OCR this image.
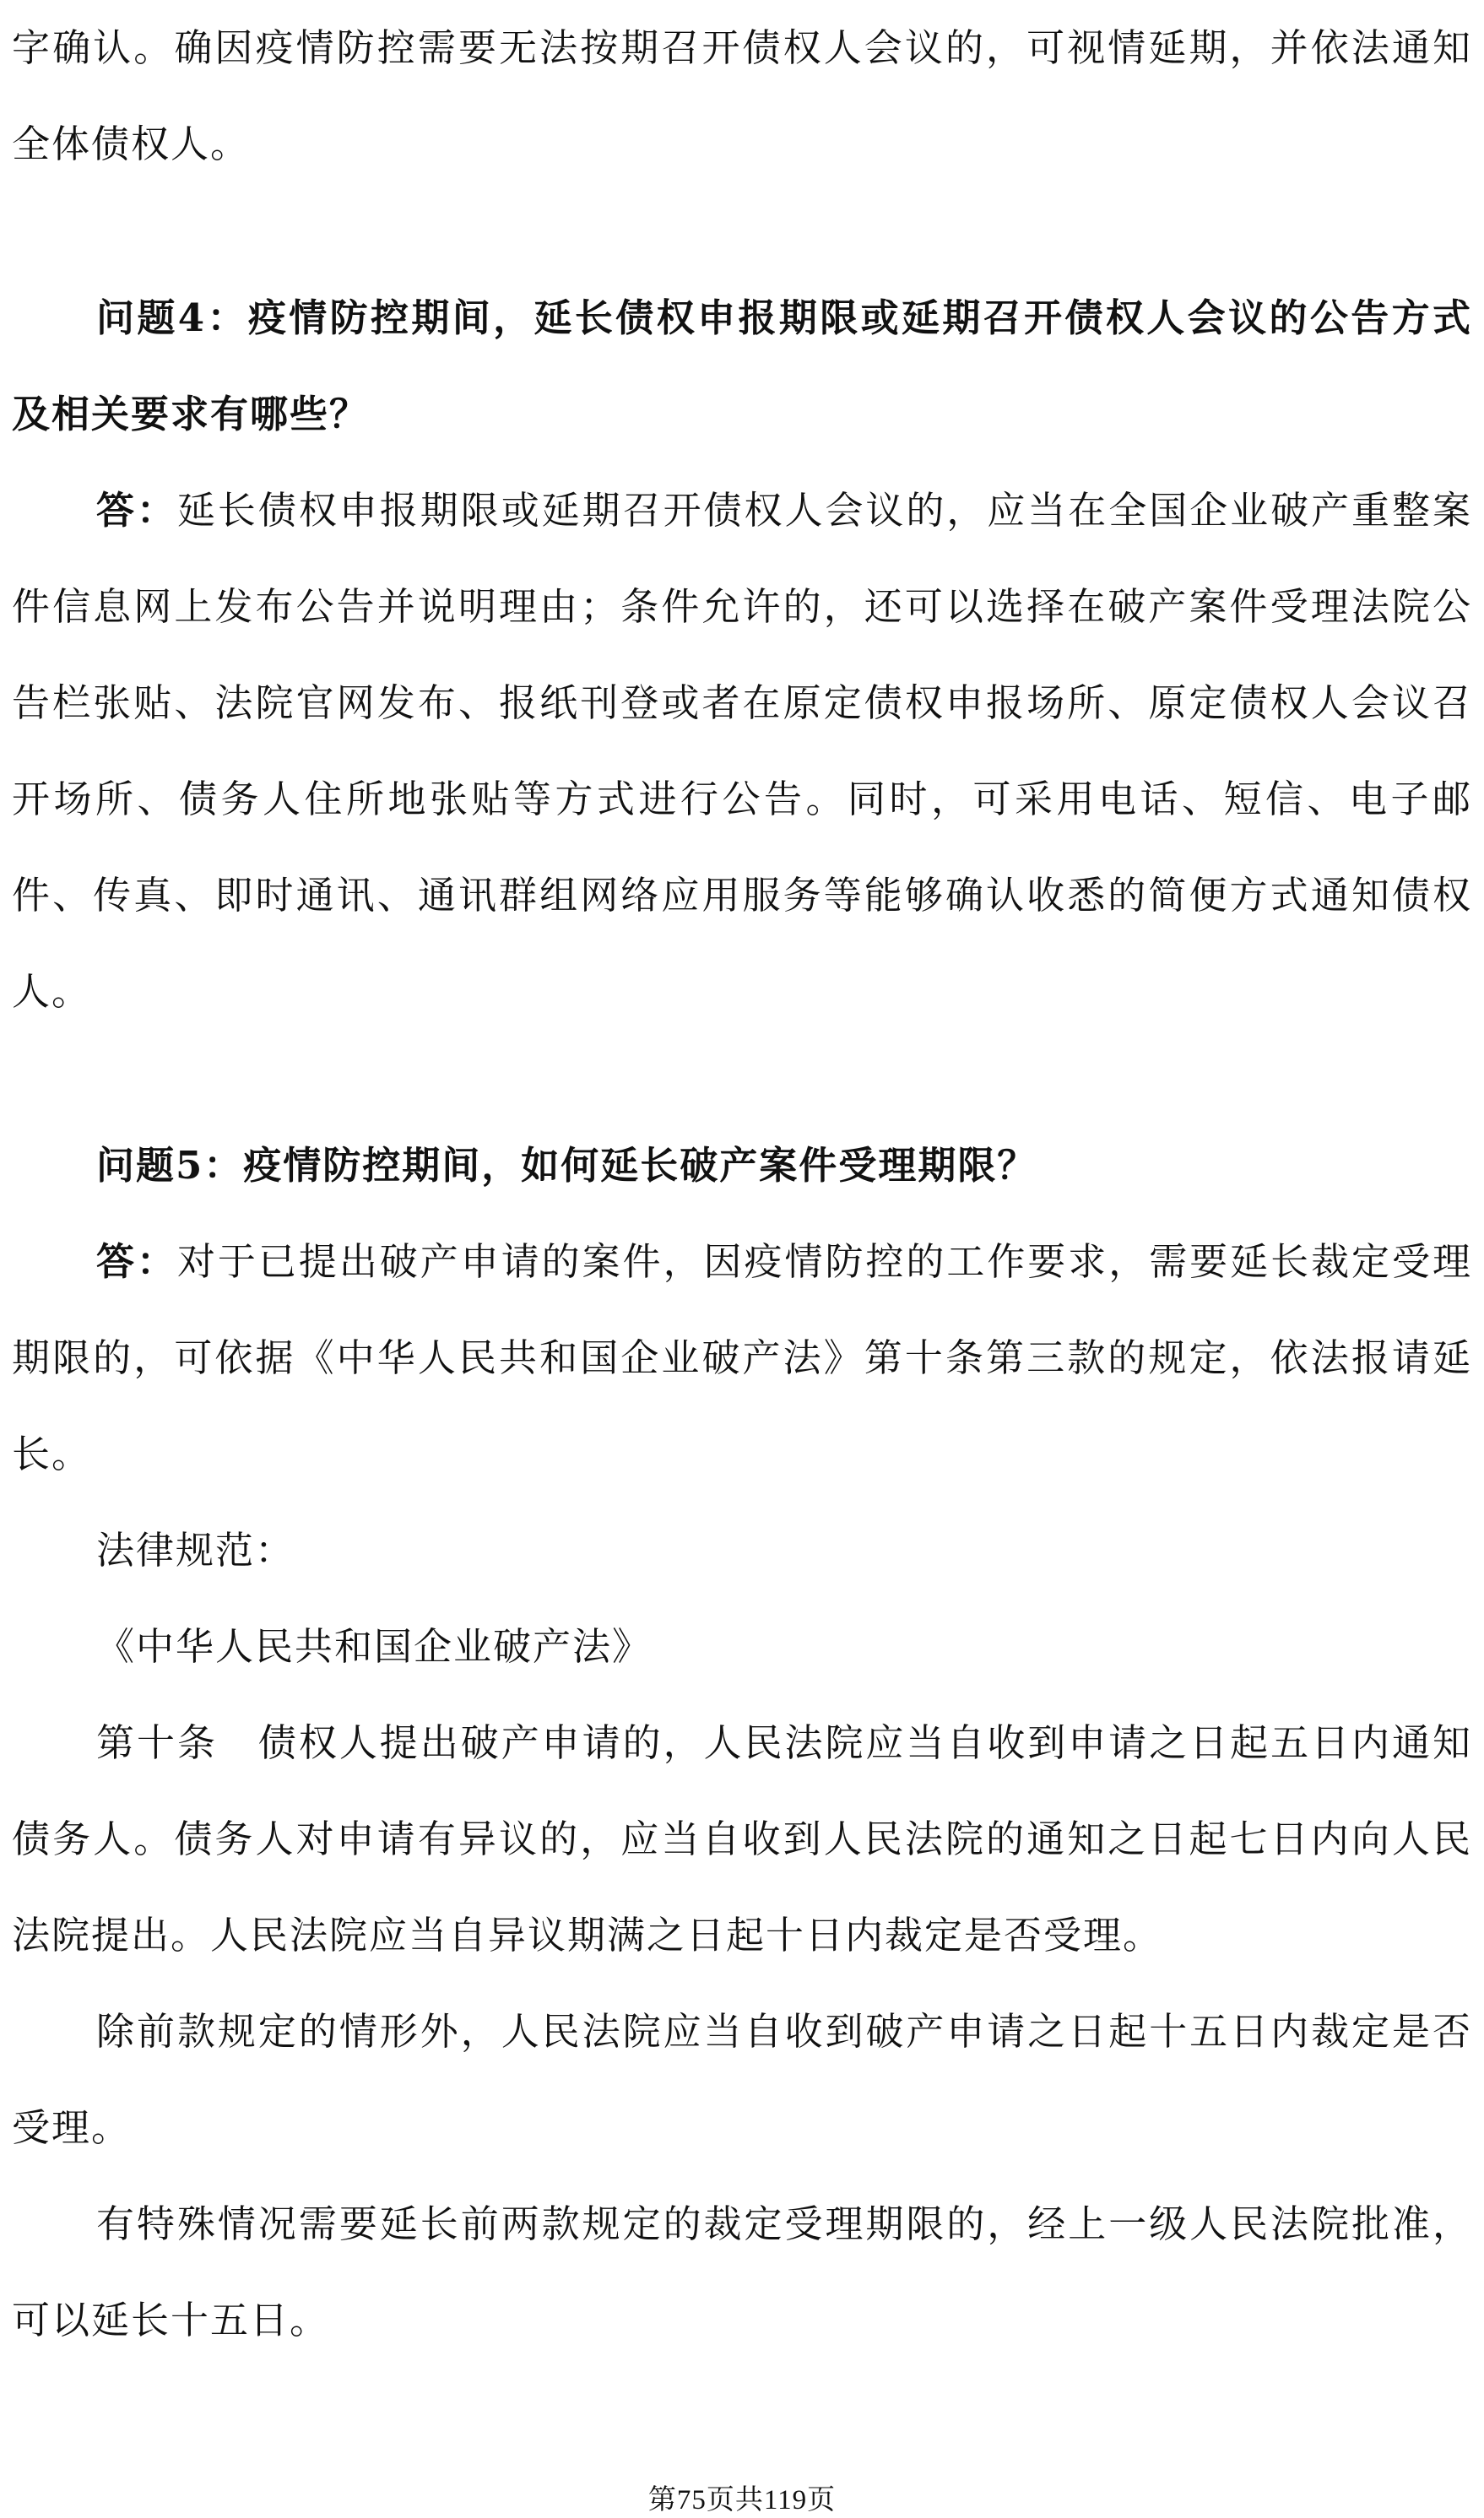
字确认。确因疫情防控需要无法按期召开债权人会议的，可视情延期，并依法通知全体债权人。

问题4：疫情防控期间，延长债权申报期限或延期召开债权人会议的公告方式及相关要求有哪些？

答：延长债权申报期限或延期召开债权人会议的，应当在全国企业破产重整案件信息网上发布公告并说明理由；条件允许的，还可以选择在破产案件受理法院公告栏张贴、法院官网发布、报纸刊登或者在原定债权申报场所、原定债权人会议召开场所、债务人住所地张贴等方式进行公告。同时，可采用电话、短信、电子邮件、传真、即时通讯、通讯群组网络应用服务等能够确认收悉的简便方式通知债权人。

问题5：疫情防控期间，如何延长破产案件受理期限？

答：对于已提出破产申请的案件，因疫情防控的工作要求，需要延长裁定受理期限的，可依据《中华人民共和国企业破产法》第十条第三款的规定，依法报请延长。

法律规范：

《中华人民共和国企业破产法》

第十条　债权人提出破产申请的，人民法院应当自收到申请之日起五日内通知债务人。债务人对申请有异议的，应当自收到人民法院的通知之日起七日内向人民法院提出。人民法院应当自异议期满之日起十日内裁定是否受理。

除前款规定的情形外，人民法院应当自收到破产申请之日起十五日内裁定是否受理。

有特殊情况需要延长前两款规定的裁定受理期限的，经上一级人民法院批准，可以延长十五日。

第75页共119页
